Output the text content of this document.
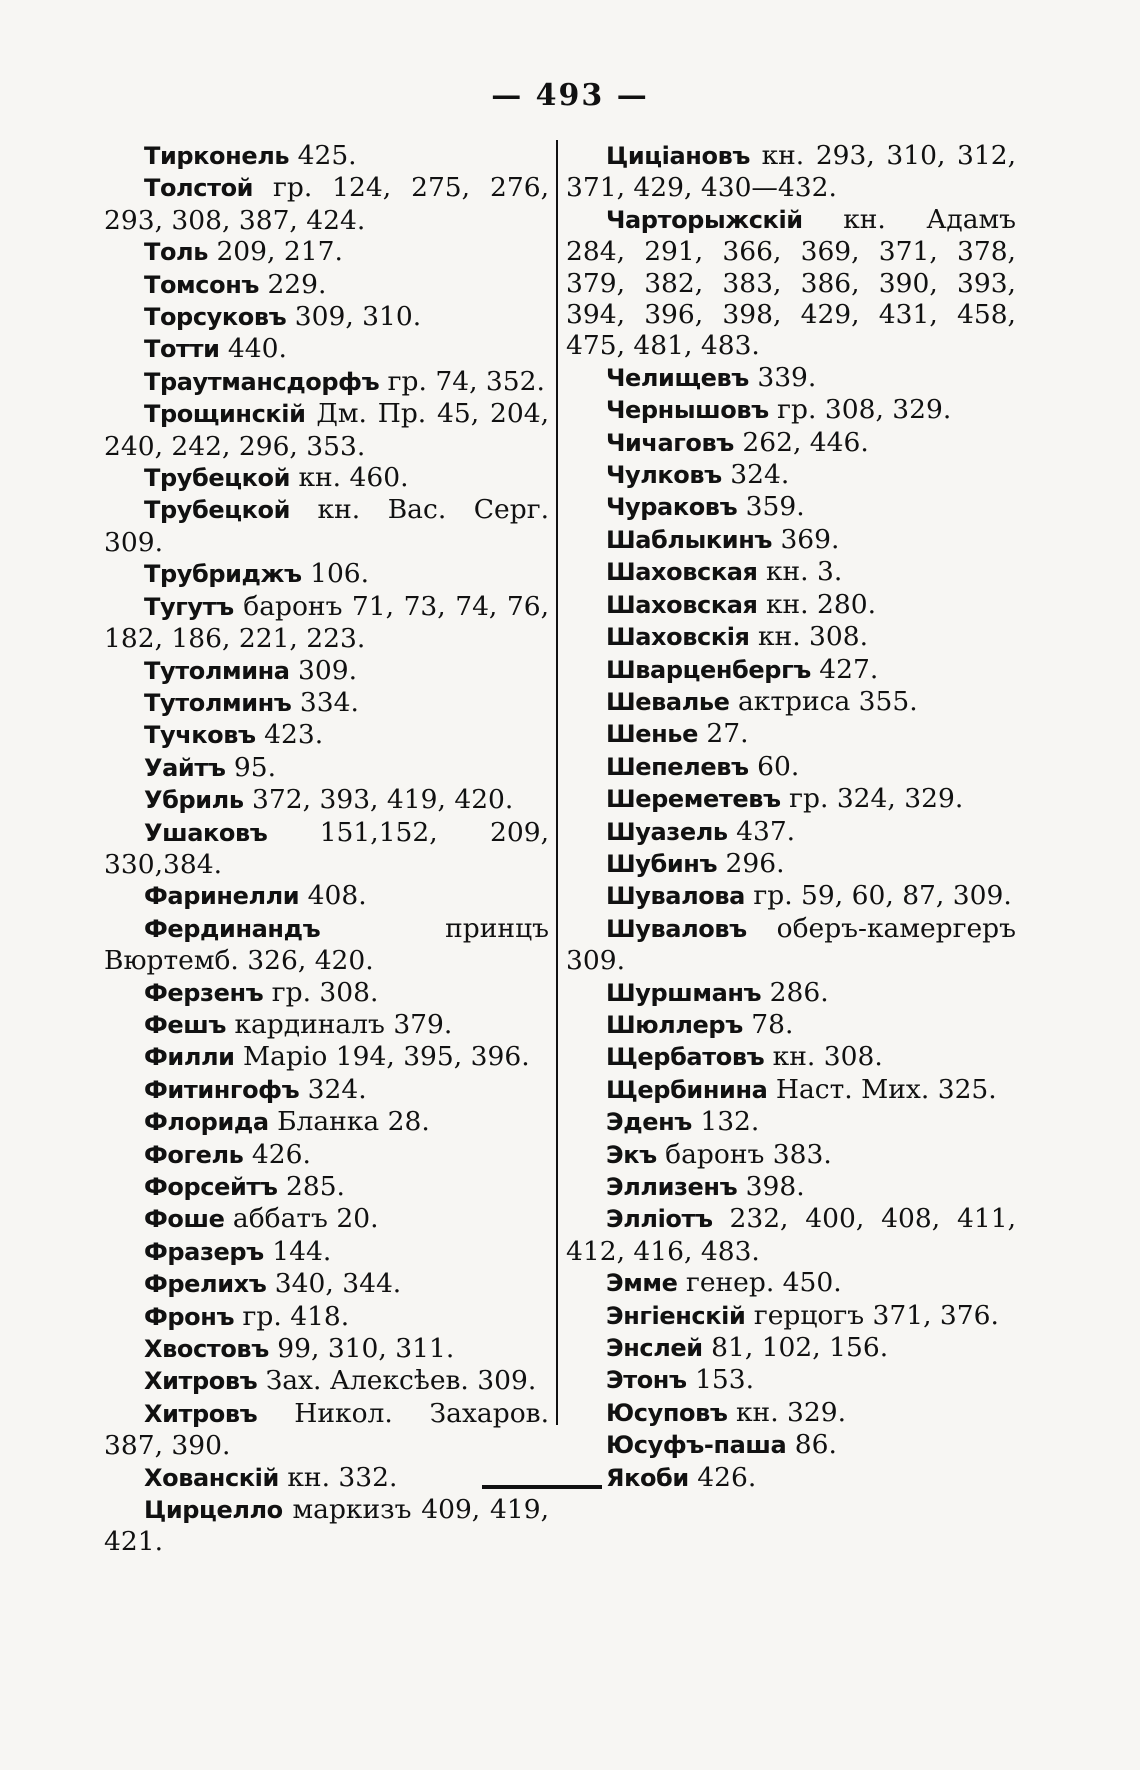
— 493 —
Тирконель 425.
Толстой гр. 124, 275, 276, 293, 308, 387, 424.
Толь 209, 217.
Томсонъ 229.
Торсуковъ 309, 310.
Тотти 440.
Траутмансдорфъ гр. 74, 352.
Трощинскій Дм. Пр. 45, 204, 240, 242, 296, 353.
Трубецкой кн. 460.
Трубецкой кн. Вас. Серг. 309.
Трубриджъ 106.
Тугутъ баронъ 71, 73, 74, 76, 182, 186, 221, 223.
Тутолмина 309.
Тутолминъ 334.
Тучковъ 423.
Уайтъ 95.
Убриль 372, 393, 419, 420.
Ушаковъ 151,152, 209, 330,384.
Фаринелли 408.
Фердинандъ принцъ Вюртемб. 326, 420.
Ферзенъ гр. 308.
Фешъ кардиналъ 379.
Филли Маріо 194, 395, 396.
Фитингофъ 324.
Флорида Бланка 28.
Фогель 426.
Форсейтъ 285.
Фоше аббатъ 20.
Фразеръ 144.
Фрелихъ 340, 344.
Фронъ гр. 418.
Хвостовъ 99, 310, 311.
Хитровъ Зах. Алексѣев. 309.
Хитровъ Никол. Захаров. 387, 390.
Хованскій кн. 332.
Цирцелло маркизъ 409, 419, 421.
Цицiановъ кн. 293, 310, 312, 371, 429, 430—432.
Чарторыжскій кн. Адамъ 284, 291, 366, 369, 371, 378, 379, 382, 383, 386, 390, 393, 394, 396, 398, 429, 431, 458, 475, 481, 483.
Челищевъ 339.
Чернышовъ гр. 308, 329.
Чичаговъ 262, 446.
Чулковъ 324.
Чураковъ 359.
Шаблыкинъ 369.
Шаховская кн. 3.
Шаховская кн. 280.
Шаховскія кн. 308.
Шварценбергъ 427.
Шевалье актриса 355.
Шенье 27.
Шепелевъ 60.
Шереметевъ гр. 324, 329.
Шуазель 437.
Шубинъ 296.
Шувалова гр. 59, 60, 87, 309.
Шуваловъ оберъ-камергеръ 309.
Шуршманъ 286.
Шюллеръ 78.
Щербатовъ кн. 308.
Щербинина Наст. Мих. 325.
Эденъ 132.
Экъ баронъ 383.
Эллизенъ 398.
Эллiотъ 232, 400, 408, 411, 412, 416, 483.
Эмме генер. 450.
Энгiенскій герцогъ 371, 376.
Энслей 81, 102, 156.
Этонъ 153.
Юсуповъ кн. 329.
Юсуфъ-паша 86.
Якоби 426.
